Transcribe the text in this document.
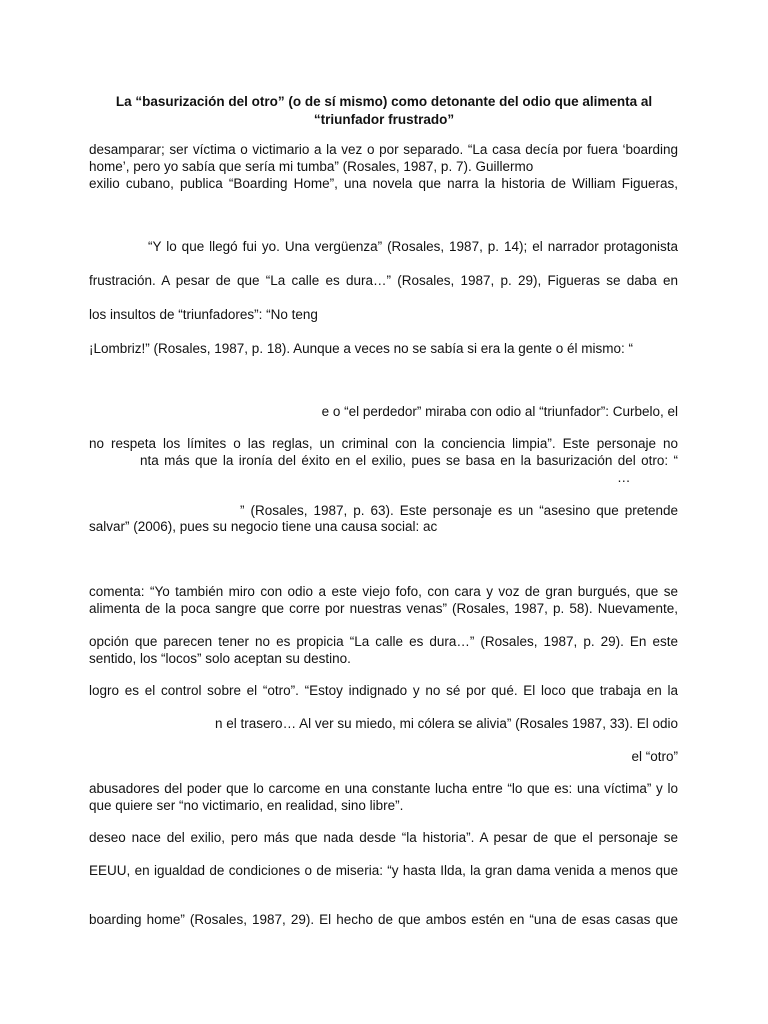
La “basurización del otro” (o de sí mismo) como detonante del odio que alimenta al

“triunfador frustrado”

desamparar; ser víctima o victimario a la vez o por separado. “La casa decía por fuera ‘boarding

home’, pero yo sabía que sería mi tumba” (Rosales, 1987, p. 7). Guillermo

exilio cubano, publica “Boarding Home”, una novela que narra la historia de William Figueras,

“Y lo que llegó fui yo. Una vergüenza” (Rosales, 1987, p. 14); el narrador protagonista

frustración. A pesar de que “La calle es dura…” (Rosales, 1987, p. 29), Figueras se daba en

los insultos de “triunfadores”: “No teng

¡Lombriz!” (Rosales, 1987, p. 18). Aunque a veces no se sabía si era la gente o él mismo: “

e o “el perdedor” miraba con odio al “triunfador”: Curbelo, el

no respeta los límites o las reglas, un criminal con la conciencia limpia”. Este personaje no

nta más que la ironía del éxito en el exilio, pues se basa en la basurización del otro: “

…

” (Rosales, 1987, p. 63). Este personaje es un “asesino que pretende

salvar” (2006), pues su negocio tiene una causa social: ac

comenta: “Yo también miro con odio a este viejo fofo, con cara y voz de gran burgués, que se

alimenta de la poca sangre que corre por nuestras venas” (Rosales, 1987, p. 58). Nuevamente,

opción que parecen tener no es propicia “La calle es dura…” (Rosales, 1987, p. 29). En este

sentido, los “locos” solo aceptan su destino.

logro es el control sobre el “otro”. “Estoy indignado y no sé por qué. El loco que trabaja en la

n el trasero… Al ver su miedo, mi cólera se alivia” (Rosales 1987, 33). El odio

el “otro”

abusadores del poder que lo carcome en una constante lucha entre “lo que es: una víctima” y lo

que quiere ser “no victimario, en realidad, sino libre”.

deseo nace del exilio, pero más que nada desde “la historia”. A pesar de que el personaje se

EEUU, en igualdad de condiciones o de miseria: “y hasta Ilda, la gran dama venida a menos que

boarding home” (Rosales, 1987, 29). El hecho de que ambos estén en “una de esas casas que
